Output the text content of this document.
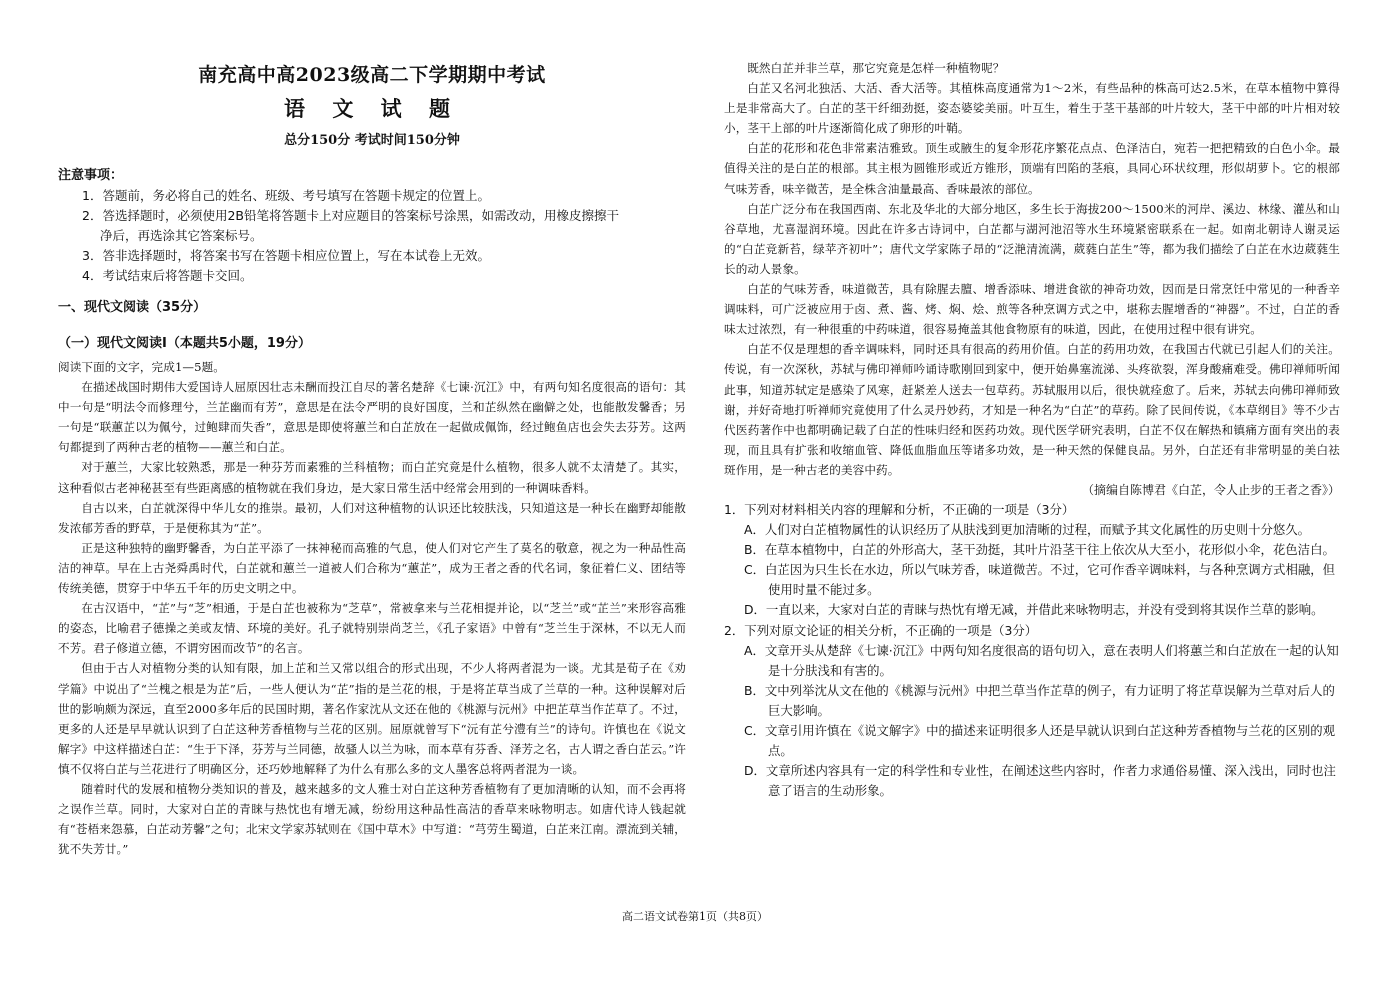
南充高中高2023级高二下学期期中考试
语 文 试 题
总分150分 考试时间150分钟
注意事项：
1．答题前，务必将自己的姓名、班级、考号填写在答题卡规定的位置上。
2．答选择题时，必须使用2B铅笔将答题卡上对应题目的答案标号涂黑，如需改动，用橡皮擦擦干
净后，再选涂其它答案标号。
3．答非选择题时，将答案书写在答题卡相应位置上，写在本试卷上无效。
4．考试结束后将答题卡交回。
一、现代文阅读（35分）
（一）现代文阅读Ⅰ（本题共5小题，19分）

阅读下面的文字，完成1—5题。

在描述战国时期伟大爱国诗人屈原因壮志未酬而投江自尽的著名楚辞《七谏·沉江》中，有两句知名度很高的语句：其中一句是“明法令而修理兮，兰芷幽而有芳”，意思是在法令严明的良好国度，兰和芷纵然在幽僻之处，也能散发馨香；另一句是“联蕙芷以为佩兮，过鲍肆而失香”，意思是即使将蕙兰和白芷放在一起做成佩饰，经过鲍鱼店也会失去芬芳。这两句都提到了两种古老的植物——蕙兰和白芷。

对于蕙兰，大家比较熟悉，那是一种芬芳而素雅的兰科植物；而白芷究竟是什么植物，很多人就不太清楚了。其实，这种看似古老神秘甚至有些距离感的植物就在我们身边，是大家日常生活中经常会用到的一种调味香料。

自古以来，白芷就深得中华儿女的推崇。最初，人们对这种植物的认识还比较肤浅，只知道这是一种长在幽野却能散发浓郁芳香的野草，于是便称其为“芷”。

正是这种独特的幽野馨香，为白芷平添了一抹神秘而高雅的气息，使人们对它产生了莫名的敬意，视之为一种品性高洁的神草。早在上古尧舜禹时代，白芷就和蕙兰一道被人们合称为“蕙芷”，成为王者之香的代名词，象征着仁义、团结等传统美德，贯穿于中华五千年的历史文明之中。

在古汉语中，“芷”与“芝”相通，于是白芷也被称为“芝草”，常被拿来与兰花相提并论，以“芝兰”或“芷兰”来形容高雅的姿态，比喻君子德操之美或友情、环境的美好。孔子就特别崇尚芝兰，《孔子家语》中曾有“芝兰生于深林，不以无人而不芳。君子修道立德，不谓穷困而改节”的名言。

但由于古人对植物分类的认知有限，加上芷和兰又常以组合的形式出现，不少人将两者混为一谈。尤其是荀子在《劝学篇》中说出了“兰槐之根是为芷”后，一些人便认为“芷”指的是兰花的根，于是将芷草当成了兰草的一种。这种误解对后世的影响颇为深远，直至2000多年后的民国时期，著名作家沈从文还在他的《桃源与沅州》中把芷草当作芷草了。不过，更多的人还是早早就认识到了白芷这种芳香植物与兰花的区别。屈原就曾写下“沅有芷兮澧有兰”的诗句。许慎也在《说文解字》中这样描述白芷：“生于下泽，芬芳与兰同德，故骚人以兰为咏，而本草有芬香、泽芳之名，古人谓之香白芷云。”许慎不仅将白芷与兰花进行了明确区分，还巧妙地解释了为什么有那么多的文人墨客总将两者混为一谈。

随着时代的发展和植物分类知识的普及，越来越多的文人雅士对白芷这种芳香植物有了更加清晰的认知，而不会再将之误作兰草。同时，大家对白芷的青睐与热忱也有增无减，纷纷用这种品性高洁的香草来咏物明志。如唐代诗人钱起就有“苍梧来怨慕，白芷动芳馨”之句；北宋文学家苏轼则在《国中草木》中写道：“芎劳生蜀道，白芷来江南。漂流到关辅，犹不失芳廿。”

既然白芷并非兰草，那它究竟是怎样一种植物呢？

白芷又名河北独活、大活、香大活等。其植株高度通常为1～2米，有些品种的株高可达2.5米，在草本植物中算得上是非常高大了。白芷的茎干纤细劲挺，姿态婆娑美丽。叶互生，着生于茎干基部的叶片较大，茎干中部的叶片相对较小，茎干上部的叶片逐渐简化成了卵形的叶鞘。

白芷的花形和花色非常素洁雅致。顶生或腋生的复伞形花序繁花点点、色泽洁白，宛若一把把精致的白色小伞。最值得关注的是白芷的根部。其主根为圆锥形或近方锥形，顶端有凹陷的茎痕，具同心环状纹理，形似胡萝卜。它的根部气味芳香，味辛微苦，是全株含油量最高、香味最浓的部位。

白芷广泛分布在我国西南、东北及华北的大部分地区，多生长于海拔200～1500米的河岸、溪边、林缘、灌丛和山谷草地，尤喜湿润环境。因此在许多古诗词中，白芷都与湖河池沼等水生环境紧密联系在一起。如南北朝诗人谢灵运的“白芷竞新苔，绿苹齐初叶”；唐代文学家陈子昂的“泛滟清流满，葳蕤白芷生”等，都为我们描绘了白芷在水边葳蕤生长的动人景象。

白芷的气味芳香，味道微苦，具有除腥去膻、增香添味、增进食欲的神奇功效，因而是日常烹饪中常见的一种香辛调味料，可广泛被应用于卤、煮、酱、烤、焖、烩、煎等各种烹调方式之中，堪称去腥增香的“神器”。不过，白芷的香味太过浓烈，有一种很重的中药味道，很容易掩盖其他食物原有的味道，因此，在使用过程中很有讲究。

白芷不仅是理想的香辛调味料，同时还具有很高的药用价值。白芷的药用功效，在我国古代就已引起人们的关注。传说，有一次深秋，苏轼与佛印禅师吟诵诗歌刚回到家中，便开始鼻塞流涕、头疼欲裂，浑身酸痛难受。佛印禅师听闻此事，知道苏轼定是感染了风寒，赶紧差人送去一包草药。苏轼服用以后，很快就痊愈了。后来，苏轼去向佛印禅师致谢，并好奇地打听禅师究竟使用了什么灵丹妙药，才知是一种名为“白芷”的草药。除了民间传说，《本草纲目》等不少古代医药著作中也都明确记载了白芷的性味归经和医药功效。现代医学研究表明，白芷不仅在解热和镇痛方面有突出的表现，而且具有扩张和收缩血管、降低血脂血压等诸多功效，是一种天然的保健良品。另外，白芷还有非常明显的美白祛斑作用，是一种古老的美容中药。

（摘编自陈博君《白芷，令人止步的王者之香》）

1．下列对材料相关内容的理解和分析，不正确的一项是（3分）

A．人们对白芷植物属性的认识经历了从肤浅到更加清晰的过程，而赋予其文化属性的历史则十分悠久。

B．在草本植物中，白芷的外形高大，茎干劲挺，其叶片沿茎干往上依次从大至小，花形似小伞，花色洁白。

C．白芷因为只生长在水边，所以气味芳香，味道微苦。不过，它可作香辛调味料，与各种烹调方式相融，但使用时量不能过多。

D．一直以来，大家对白芷的青睐与热忱有增无减，并借此来咏物明志，并没有受到将其误作兰草的影响。

2．下列对原文论证的相关分析，不正确的一项是（3分）

A．文章开头从楚辞《七谏·沉江》中两句知名度很高的语句切入，意在表明人们将蕙兰和白芷放在一起的认知是十分肤浅和有害的。

B．文中列举沈从文在他的《桃源与沅州》中把兰草当作芷草的例子，有力证明了将芷草误解为兰草对后人的巨大影响。

C．文章引用许慎在《说文解字》中的描述来证明很多人还是早就认识到白芷这种芳香植物与兰花的区别的观点。

D．文章所述内容具有一定的科学性和专业性，在阐述这些内容时，作者力求通俗易懂、深入浅出，同时也注意了语言的生动形象。

高二语文试卷第1页（共8页）
